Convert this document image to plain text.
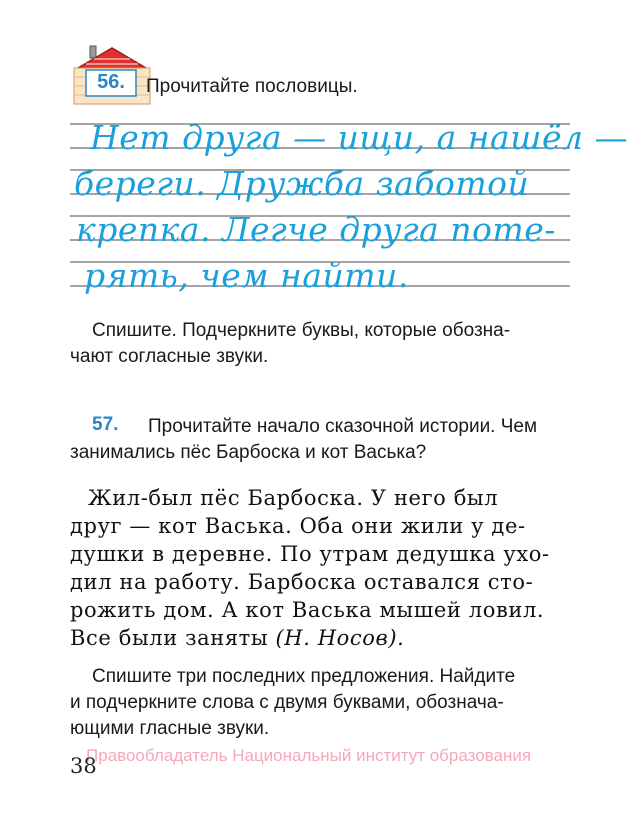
56.	Прочитайте пословицы.
Нет друга — ищи, а нашёл —
береги. Дружба заботой
крепка. Легче друга поте-
рять, чем найти.
Спишите. Подчеркните буквы, которые обозна-
чают согласные звуки.
57. Прочитайте начало сказочной истории. Чем
занимались пёс Барбоска и кот Васька?
Жил-был пёс Барбоска. У него был
друг — кот Васька. Оба они жили у де-
душки в деревне. По утрам дедушка ухо-
дил на работу. Барбоска оставался сто-
рожить дом. А кот Васька мышей ловил.
Все были заняты (Н. Носов).
Спишите три последних предложения. Найдите
и подчеркните слова с двумя буквами, обознача-
ющими гласные звуки.
Правообладатель Национальный институт образования
38
